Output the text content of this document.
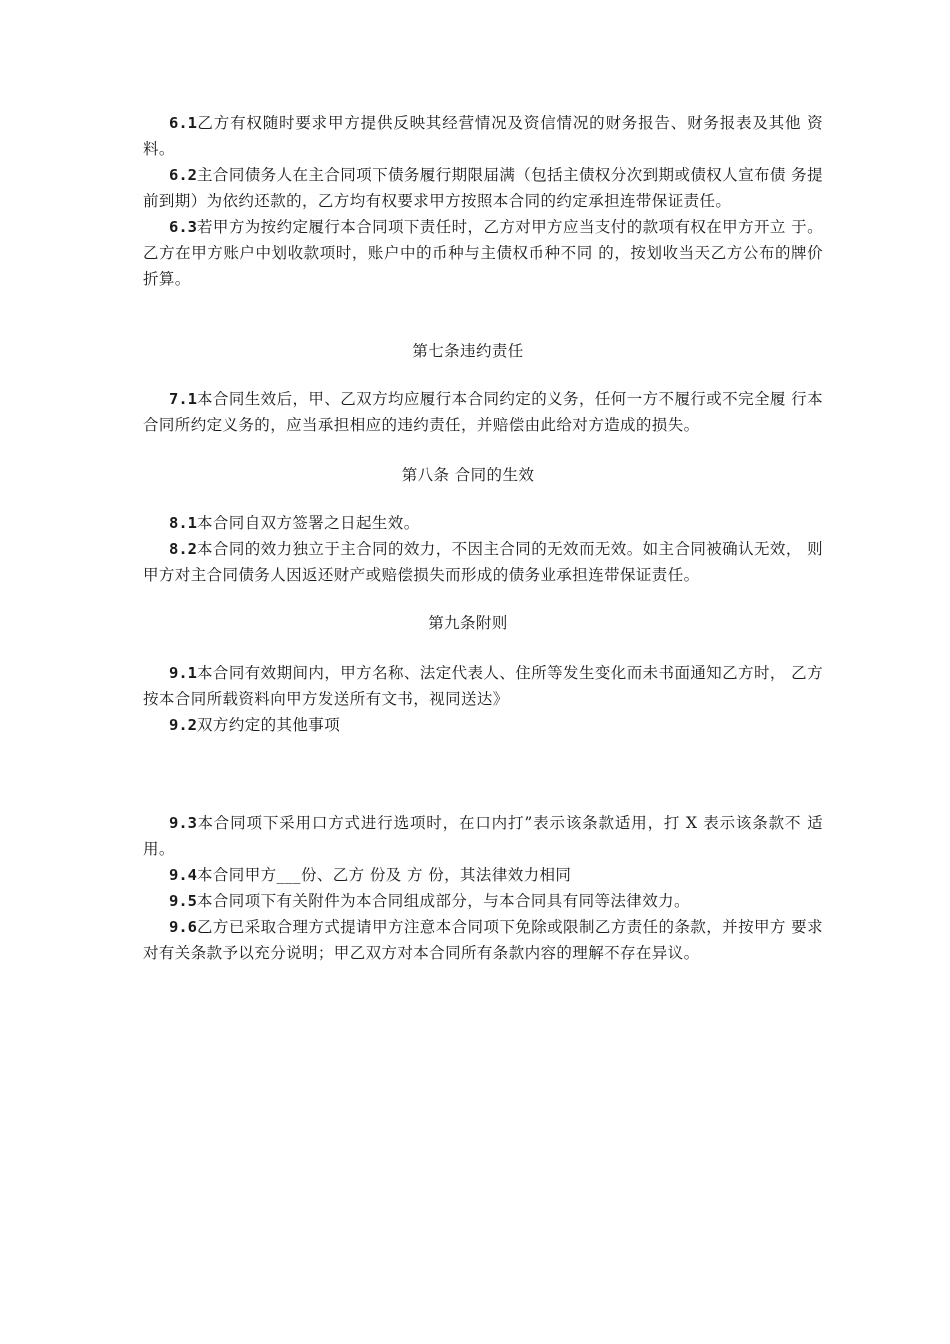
6.1乙方有权随时要求甲方提供反映其经营情况及资信情况的财务报告、财务报表及其他 资料。

6.2主合同债务人在主合同项下债务履行期限届满（包括主债权分次到期或债权人宣布债 务提前到期）为依约还款的，乙方均有权要求甲方按照本合同的约定承担连带保证责任。

6.3若甲方为按约定履行本合同项下责任时，乙方对甲方应当支付的款项有权在甲方开立 于。乙方在甲方账户中划收款项时，账户中的币种与主债权币种不同 的，按划收当天乙方公布的牌价折算。

第七条违约责任

7.1本合同生效后，甲、乙双方均应履行本合同约定的义务，任何一方不履行或不完全履 行本合同所约定义务的，应当承担相应的违约责任，并赔偿由此给对方造成的损失。

第八条 合同的生效

8.1本合同自双方签署之日起生效。

8.2本合同的效力独立于主合同的效力，不因主合同的无效而无效。如主合同被确认无效， 则甲方对主合同债务人因返还财产或赔偿损失而形成的债务业承担连带保证责任。

第九条附则

9.1本合同有效期间内，甲方名称、法定代表人、住所等发生变化而未书面通知乙方时， 乙方按本合同所载资料向甲方发送所有文书，视同送达》

9.2双方约定的其他事项

9.3本合同项下采用口方式进行选项时，在口内打”表示该条款适用，打 X 表示该条款不 适用。

9.4本合同甲方___份、乙方 份及 方 份，其法律效力相同

9.5本合同项下有关附件为本合同组成部分，与本合同具有同等法律效力。

9.6乙方已采取合理方式提请甲方注意本合同项下免除或限制乙方责任的条款，并按甲方 要求对有关条款予以充分说明；甲乙双方对本合同所有条款内容的理解不存在异议。
